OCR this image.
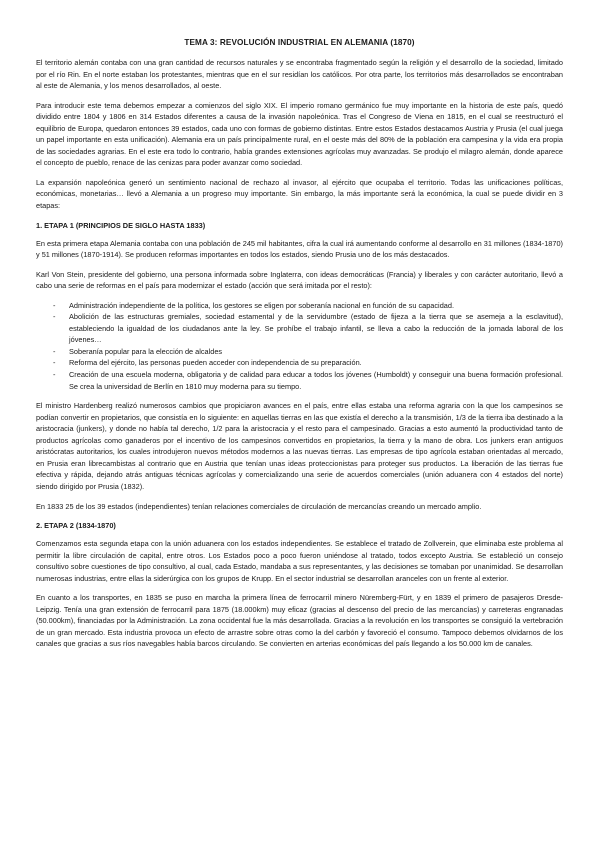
TEMA 3: REVOLUCIÓN INDUSTRIAL EN ALEMANIA (1870)

El territorio alemán contaba con una gran cantidad de recursos naturales y se encontraba fragmentado según la religión y el desarrollo de la sociedad, limitado por el río Rin. En el norte estaban los protestantes, mientras que en el sur residían los católicos. Por otra parte, los territorios más desarrollados se encontraban al este de Alemania, y los menos desarrollados, al oeste.

Para introducir este tema debemos empezar a comienzos del siglo XIX. El imperio romano germánico fue muy importante en la historia de este país, quedó dividido entre 1804 y 1806 en 314 Estados diferentes a causa de la invasión napoleónica. Tras el Congreso de Viena en 1815, en el cual se reestructuró el equilibrio de Europa, quedaron entonces 39 estados, cada uno con formas de gobierno distintas. Entre estos Estados destacamos Austria y Prusia (el cual juega un papel importante en esta unificación). Alemania era un país principalmente rural, en el oeste más del 80% de la población era campesina y la vida era propia de las sociedades agrarias. En el este era todo lo contrario, había grandes extensiones agrícolas muy avanzadas. Se produjo el milagro alemán, donde aparece el concepto de pueblo, renace de las cenizas para poder avanzar como sociedad.

La expansión napoleónica generó un sentimiento nacional de rechazo al invasor, al ejército que ocupaba el territorio. Todas las unificaciones políticas, económicas, monetarias… llevó a Alemania a un progreso muy importante. Sin embargo, la más importante será la económica, la cual se puede dividir en 3 etapas:

1. ETAPA 1 (PRINCIPIOS DE SIGLO HASTA 1833)

En esta primera etapa Alemania contaba con una población de 245 mil habitantes, cifra la cual irá aumentando conforme al desarrollo en 31 millones (1834-1870) y 51 millones (1870-1914). Se producen reformas importantes en todos los estados, siendo Prusia uno de los más destacados.

Karl Von Stein, presidente del gobierno, una persona informada sobre Inglaterra, con ideas democráticas (Francia) y liberales y con carácter autoritario, llevó a cabo una serie de reformas en el país para modernizar el estado (acción que será imitada por el resto):

- Administración independiente de la política, los gestores se eligen por soberanía nacional en función de su capacidad.
- Abolición de las estructuras gremiales, sociedad estamental y de la servidumbre (estado de fijeza a la tierra que se asemeja a la esclavitud), estableciendo la igualdad de los ciudadanos ante la ley. Se prohíbe el trabajo infantil, se lleva a cabo la reducción de la jornada laboral de los jóvenes…
- Soberanía popular para la elección de alcaldes
- Reforma del ejército, las personas pueden acceder con independencia de su preparación.
- Creación de una escuela moderna, obligatoria y de calidad para educar a todos los jóvenes (Humboldt) y conseguir una buena formación profesional. Se crea la universidad de Berlín en 1810 muy moderna para su tiempo.

El ministro Hardenberg realizó numerosos cambios que propiciaron avances en el país, entre ellas estaba una reforma agraria con la que los campesinos se podían convertir en propietarios, que consistía en lo siguiente: en aquellas tierras en las que existía el derecho a la transmisión, 1/3 de la tierra iba destinado a la aristocracia (junkers), y donde no había tal derecho, 1/2 para la aristocracia y el resto para el campesinado. Gracias a esto aumentó la productividad tanto de productos agrícolas como ganaderos por el incentivo de los campesinos convertidos en propietarios, la tierra y la mano de obra. Los junkers eran antiguos aristócratas autoritarios, los cuales introdujeron nuevos métodos modernos a las nuevas tierras. Las empresas de tipo agrícola estaban orientadas al mercado, en Prusia eran librecambistas al contrario que en Austria que tenían unas ideas proteccionistas para proteger sus productos. La liberación de las tierras fue efectiva y rápida, dejando atrás antiguas técnicas agrícolas y comercializando una serie de acuerdos comerciales (unión aduanera con 4 estados del norte) siendo dirigido por Prusia (1832).

En 1833 25 de los 39 estados (independientes) tenían relaciones comerciales de circulación de mercancías creando un mercado amplio.

2. ETAPA 2 (1834-1870)

Comenzamos esta segunda etapa con la unión aduanera con los estados independientes. Se establece el tratado de Zollverein, que eliminaba este problema al permitir la libre circulación de capital, entre otros. Los Estados poco a poco fueron uniéndose al tratado, todos excepto Austria. Se estableció un consejo consultivo sobre cuestiones de tipo consultivo, al cual, cada Estado, mandaba a sus representantes, y las decisiones se tomaban por unanimidad. Se desarrollan numerosas industrias, entre ellas la siderúrgica con los grupos de Krupp. En el sector industrial se desarrollan aranceles con un frente al exterior.

En cuanto a los transportes, en 1835 se puso en marcha la primera línea de ferrocarril minero Nüremberg-Fürt, y en 1839 el primero de pasajeros Dresde-Leipzig. Tenía una gran extensión de ferrocarril para 1875 (18.000km) muy eficaz (gracias al descenso del precio de las mercancías) y carreteras engranadas (50.000km), financiadas por la Administración. La zona occidental fue la más desarrollada. Gracias a la revolución en los transportes se consiguió la vertebración de un gran mercado. Esta industria provoca un efecto de arrastre sobre otras como la del carbón y favoreció el consumo. Tampoco debemos olvidarnos de los canales que gracias a sus ríos navegables había barcos circulando. Se convierten en arterias económicas del país llegando a los 50.000 km de canales.
